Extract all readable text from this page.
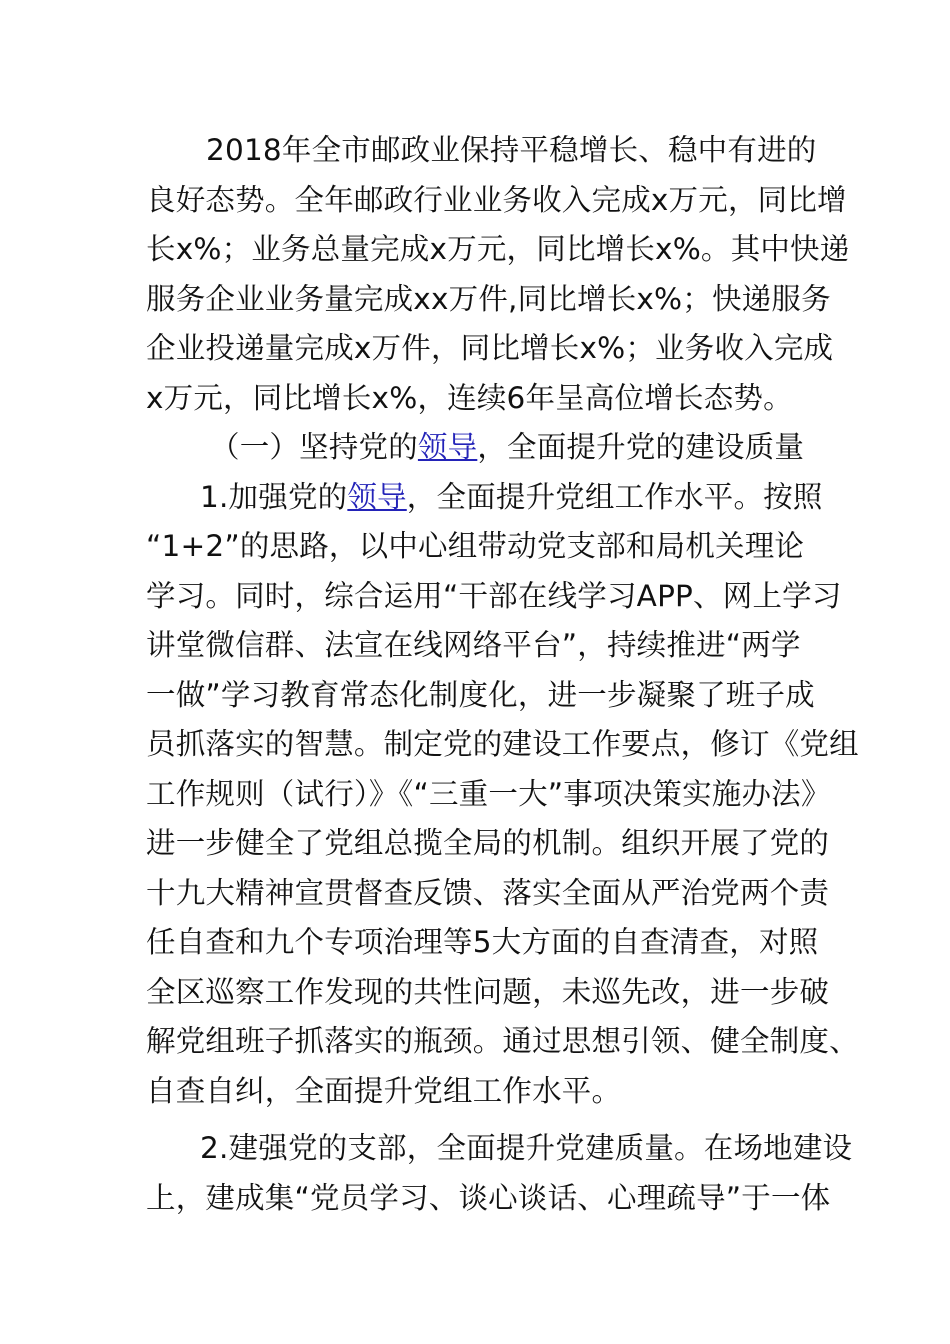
2018年全市邮政业保持平稳增长、稳中有进的
良好态势。全年邮政行业业务收入完成x万元，同比增
长x%；业务总量完成x万元，同比增长x%。其中快递
服务企业业务量完成xx万件,同比增长x%；快递服务
企业投递量完成x万件，同比增长x%；业务收入完成
x万元，同比增长x%，连续6年呈高位增长态势。
（一）坚持党的领导，全面提升党的建设质量
1.加强党的领导，全面提升党组工作水平。按照
“1+2”的思路，以中心组带动党支部和局机关理论
学习。同时，综合运用“干部在线学习APP、网上学习
讲堂微信群、法宣在线网络平台”，持续推进“两学
一做”学习教育常态化制度化，进一步凝聚了班子成
员抓落实的智慧。制定党的建设工作要点，修订《党组
工作规则（试行）》《“三重一大”事项决策实施办法》
进一步健全了党组总揽全局的机制。组织开展了党的
十九大精神宣贯督查反馈、落实全面从严治党两个责
任自查和九个专项治理等5大方面的自查清查，对照
全区巡察工作发现的共性问题，未巡先改，进一步破
解党组班子抓落实的瓶颈。通过思想引领、健全制度、
自查自纠，全面提升党组工作水平。
2.建强党的支部，全面提升党建质量。在场地建设
上，建成集“党员学习、谈心谈话、心理疏导”于一体
